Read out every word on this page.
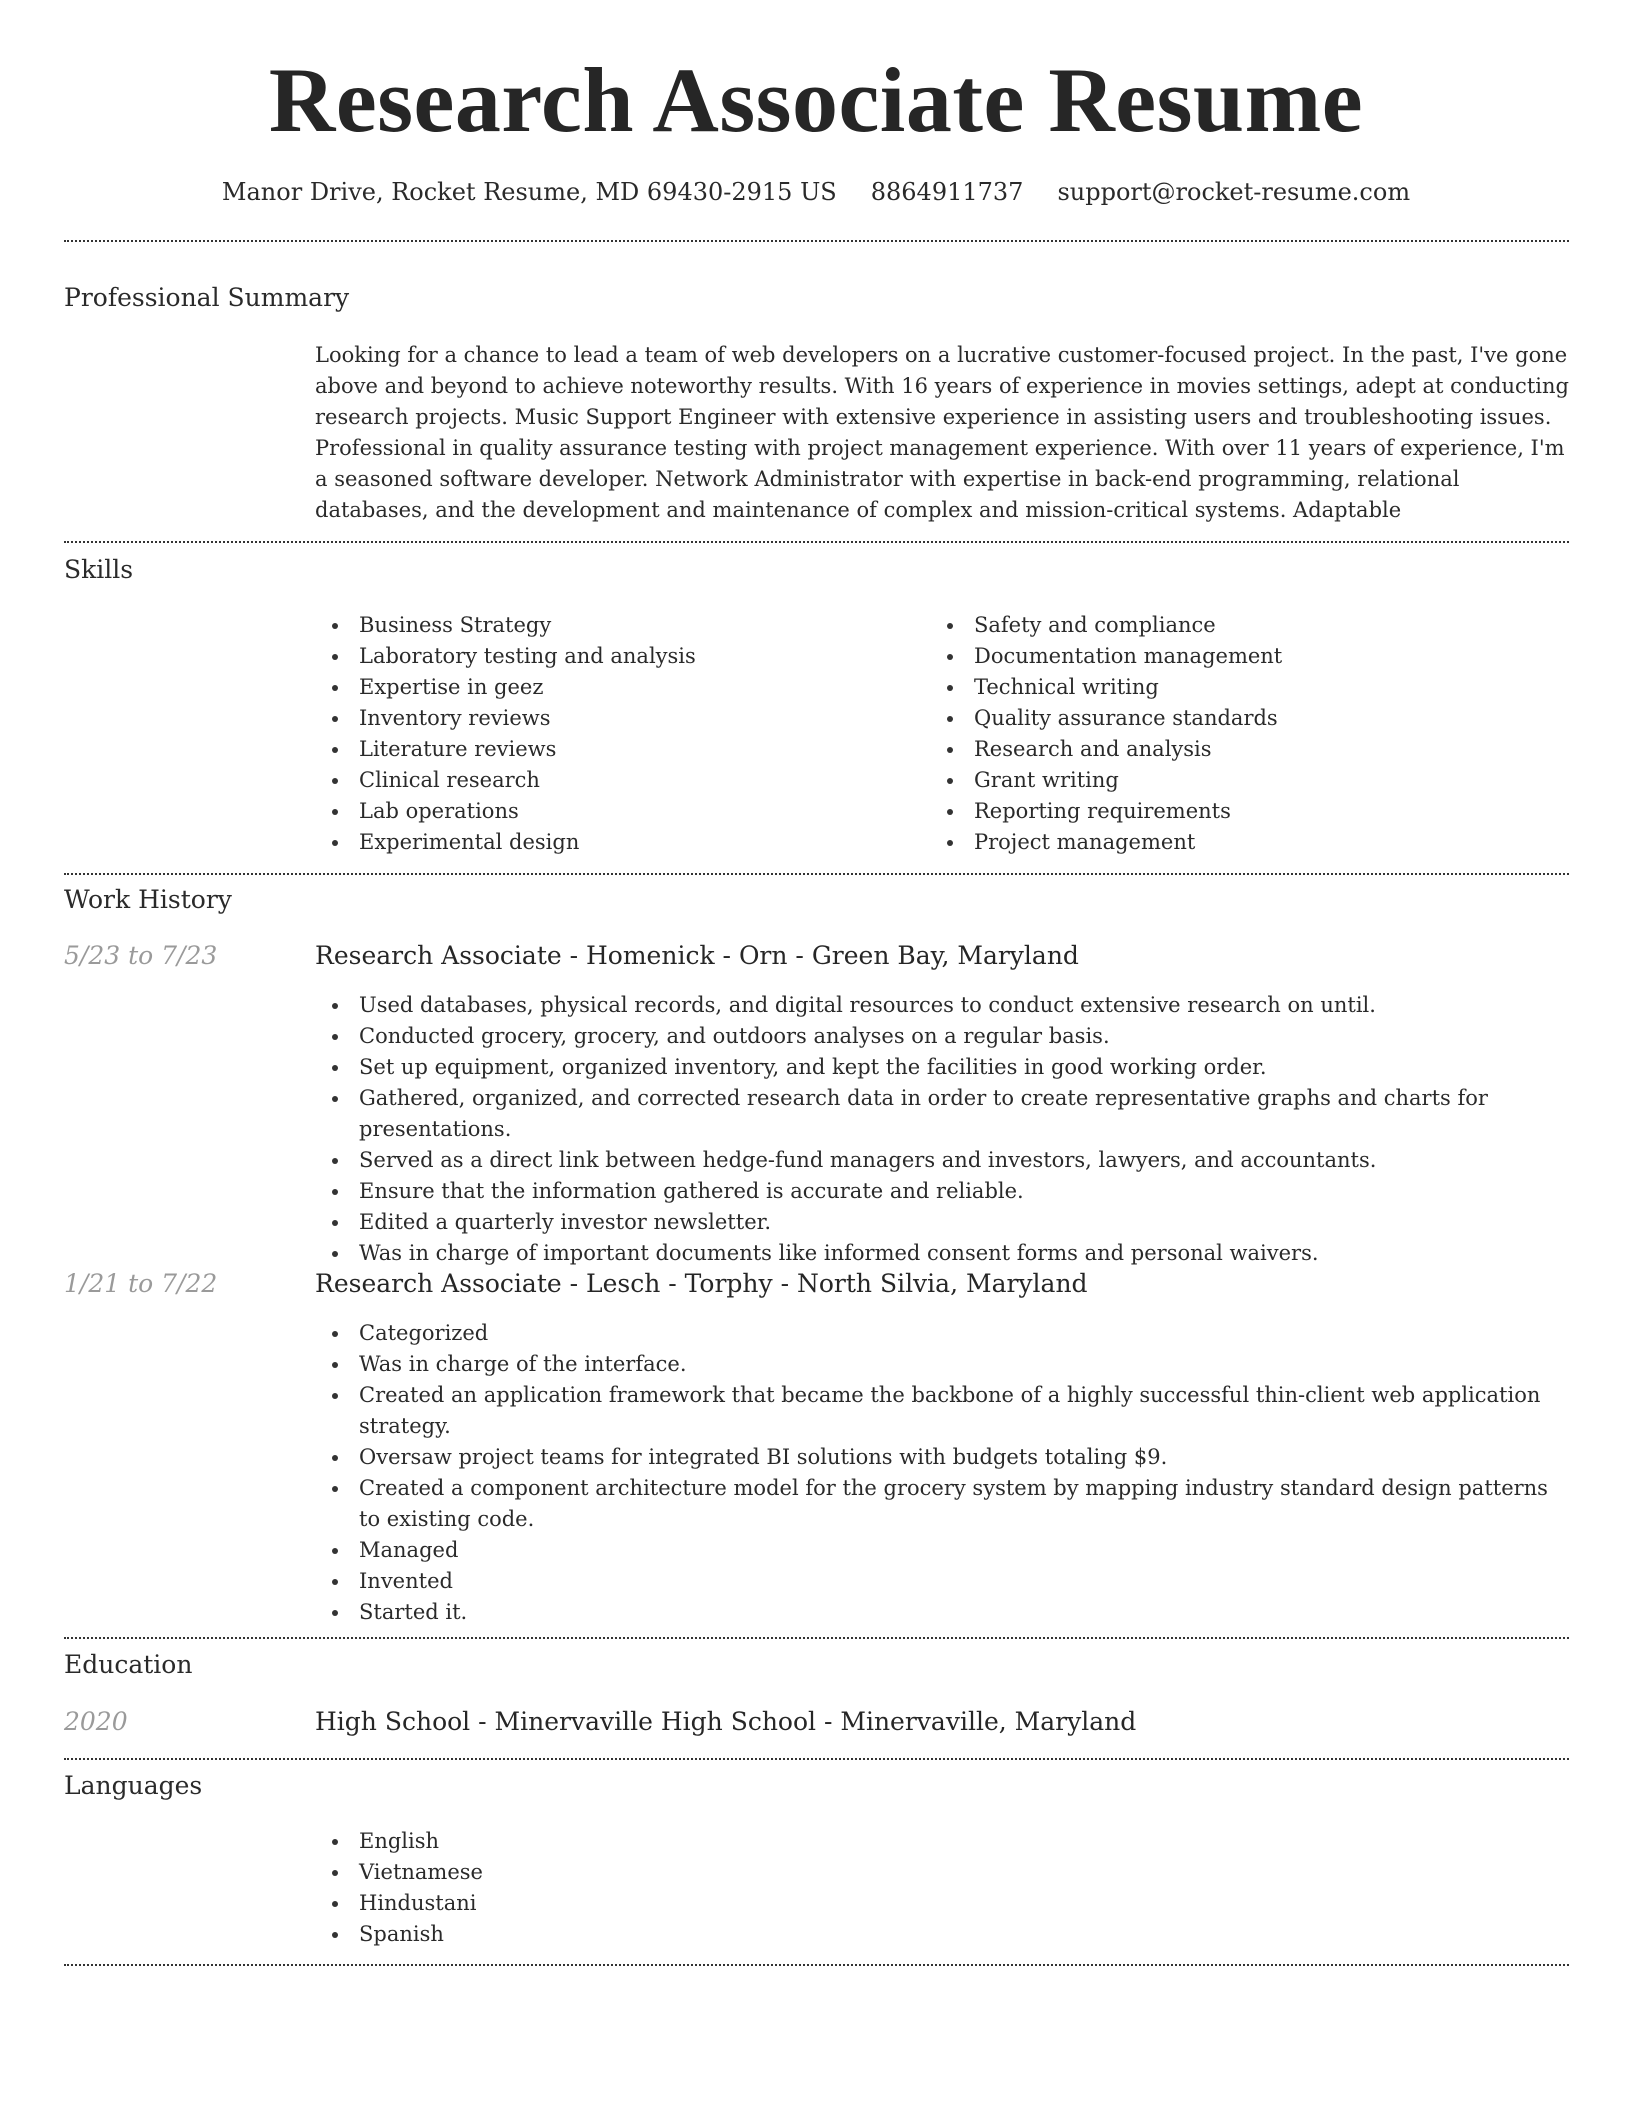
Research Associate Resume
Manor Drive, Rocket Resume, MD 69430-2915 US 8864911737 support@rocket-resume.com
Professional Summary

Looking for a chance to lead a team of web developers on a lucrative customer-focused project. In the past, I've gone above and beyond to achieve noteworthy results. With 16 years of experience in movies settings, adept at conducting research projects. Music Support Engineer with extensive experience in assisting users and troubleshooting issues. Professional in quality assurance testing with project management experience. With over 11 years of experience, I'm a seasoned software developer. Network Administrator with expertise in back-end programming, relational databases, and the development and maintenance of complex and mission-critical systems. Adaptable

Skills
Business Strategy
Laboratory testing and analysis
Expertise in geez
Inventory reviews
Literature reviews
Clinical research
Lab operations
Experimental design
Safety and compliance
Documentation management
Technical writing
Quality assurance standards
Research and analysis
Grant writing
Reporting requirements
Project management
Work History
5/23 to 7/23	Research Associate - Homenick - Orn - Green Bay, Maryland
Used databases, physical records, and digital resources to conduct extensive research on until.
Conducted grocery, grocery, and outdoors analyses on a regular basis.
Set up equipment, organized inventory, and kept the facilities in good working order.
Gathered, organized, and corrected research data in order to create representative graphs and charts for presentations.
Served as a direct link between hedge-fund managers and investors, lawyers, and accountants.
Ensure that the information gathered is accurate and reliable.
Edited a quarterly investor newsletter.
Was in charge of important documents like informed consent forms and personal waivers.
1/21 to 7/22	Research Associate - Lesch - Torphy - North Silvia, Maryland
Categorized
Was in charge of the interface.
Created an application framework that became the backbone of a highly successful thin-client web application strategy.
Oversaw project teams for integrated BI solutions with budgets totaling $9.
Created a component architecture model for the grocery system by mapping industry standard design patterns to existing code.
Managed
Invented
Started it.
Education
2020	High School - Minervaville High School - Minervaville, Maryland
Languages
English
Vietnamese
Hindustani
Spanish
